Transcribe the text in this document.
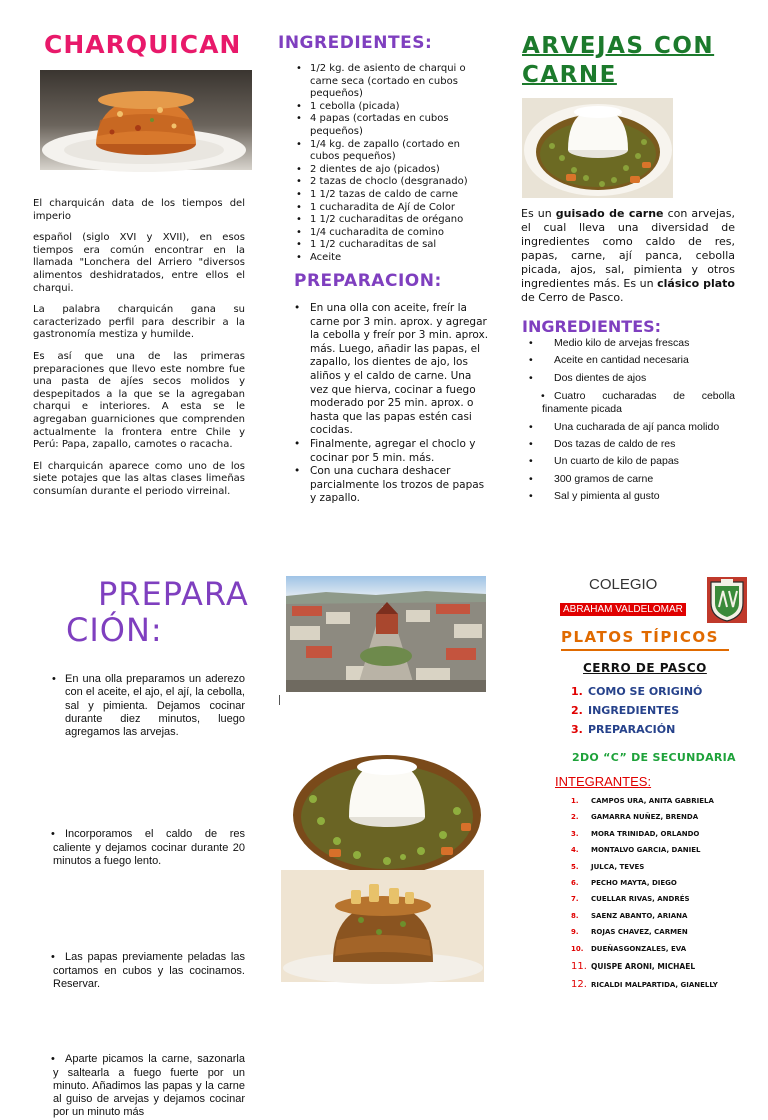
CHARQUICAN

El charquicán data de los tiempos del imperio

español (siglo XVI y XVII), en esos tiempos era común encontrar en la llamada "Lonchera del Arriero "diversos alimentos deshidratados, entre ellos el charqui.

La palabra charquicán gana su caracterizado perfil para describir a la gastronomía mestiza y humilde.

Es así que una de las primeras preparaciones que llevo este nombre fue una pasta de ajíes secos molidos y despepitados a la que se la agregaban charqui e interiores. A esta se le agregaban guarniciones que comprenden actualmente la frontera entre Chile y Perú: Papa, zapallo, camotes o racacha.

El charquicán aparece como uno de los siete potajes que las altas clases limeñas consumían durante el periodo virreinal.

INGREDIENTES:
• 1/2 kg. de asiento de charqui o carne seca (cortado en cubos pequeños)
• 1 cebolla (picada)
• 4 papas (cortadas en cubos pequeños)
• 1/4 kg. de zapallo (cortado en cubos pequeños)
• 2 dientes de ajo (picados)
• 2 tazas de choclo (desgranado)
• 1 1/2 tazas de caldo de carne
• 1 cucharadita de Ají de Color
• 1 1/2 cucharaditas de orégano
• 1/4 cucharadita de comino
• 1 1/2 cucharaditas de sal
• Aceite
PREPARACION:
• En una olla con aceite, freír la carne por 3 min. aprox. y agregar la cebolla y freír por 3 min. aprox. más. Luego, añadir las papas, el zapallo, los dientes de ajo, los aliños y el caldo de carne. Una vez que hierva, cocinar a fuego moderado por 25 min. aprox. o hasta que las papas estén casi cocidas.
• Finalmente, agregar el choclo y cocinar por 5 min. más.
• Con una cuchara deshacer parcialmente los trozos de papas y zapallo.
ARVEJAS CON
CARNE

Es un guisado de carne con arvejas, el cual lleva una diversidad de ingredientes como caldo de res, papas, carne, ají panca, cebolla picada, ajos, sal, pimienta y otros ingredientes más. Es un clásico plato de Cerro de Pasco.

INGREDIENTES:
• Medio kilo de arvejas frescas
• Aceite en cantidad necesaria
• Dos dientes de ajos
• Cuatro cucharadas de cebolla finamente picada
• Una cucharada de ají panca molido
• Dos tazas de caldo de res
• Un cuarto de kilo de papas
• 300 gramos de carne
• Sal y pimienta al gusto
PREPARA
CIÓN:
• En una olla preparamos un aderezo con el aceite, el ajo, el ají, la cebolla, sal y pimienta. Dejamos cocinar durante diez minutos, luego agregamos las arvejas.
• Incorporamos el caldo de res caliente y dejamos cocinar durante 20 minutos a fuego lento.
• Las papas previamente peladas las cortamos en cubos y las cocinamos. Reservar.
• Aparte picamos la carne, sazonarla y saltearla a fuego fuerte por un minuto. Añadimos las papas y la carne al guiso de arvejas y dejamos cocinar por un minuto más
COLEGIO
ABRAHAM VALDELOMAR
PLATOS TÍPICOS
CERRO DE PASCO
1. COMO SE ORIGINÓ
2. INGREDIENTES
3. PREPARACIÓN
2DO “C” DE SECUNDARIA
INTEGRANTES:
1. CAMPOS URA, ANITA GABRIELA
2. GAMARRA NUÑEZ, BRENDA
3. MORA TRINIDAD, ORLANDO
4. MONTALVO GARCIA, DANIEL
5. JULCA, TEVES
6. PECHO MAYTA, DIEGO
7. CUELLAR RIVAS, ANDRÉS
8. SAENZ ABANTO, ARIANA
9. ROJAS CHAVEZ, CARMEN
10. DUEÑASGONZALES, EVA
11. QUISPE ARONI, MICHAEL
12. RICALDI MALPARTIDA, GIANELLY
